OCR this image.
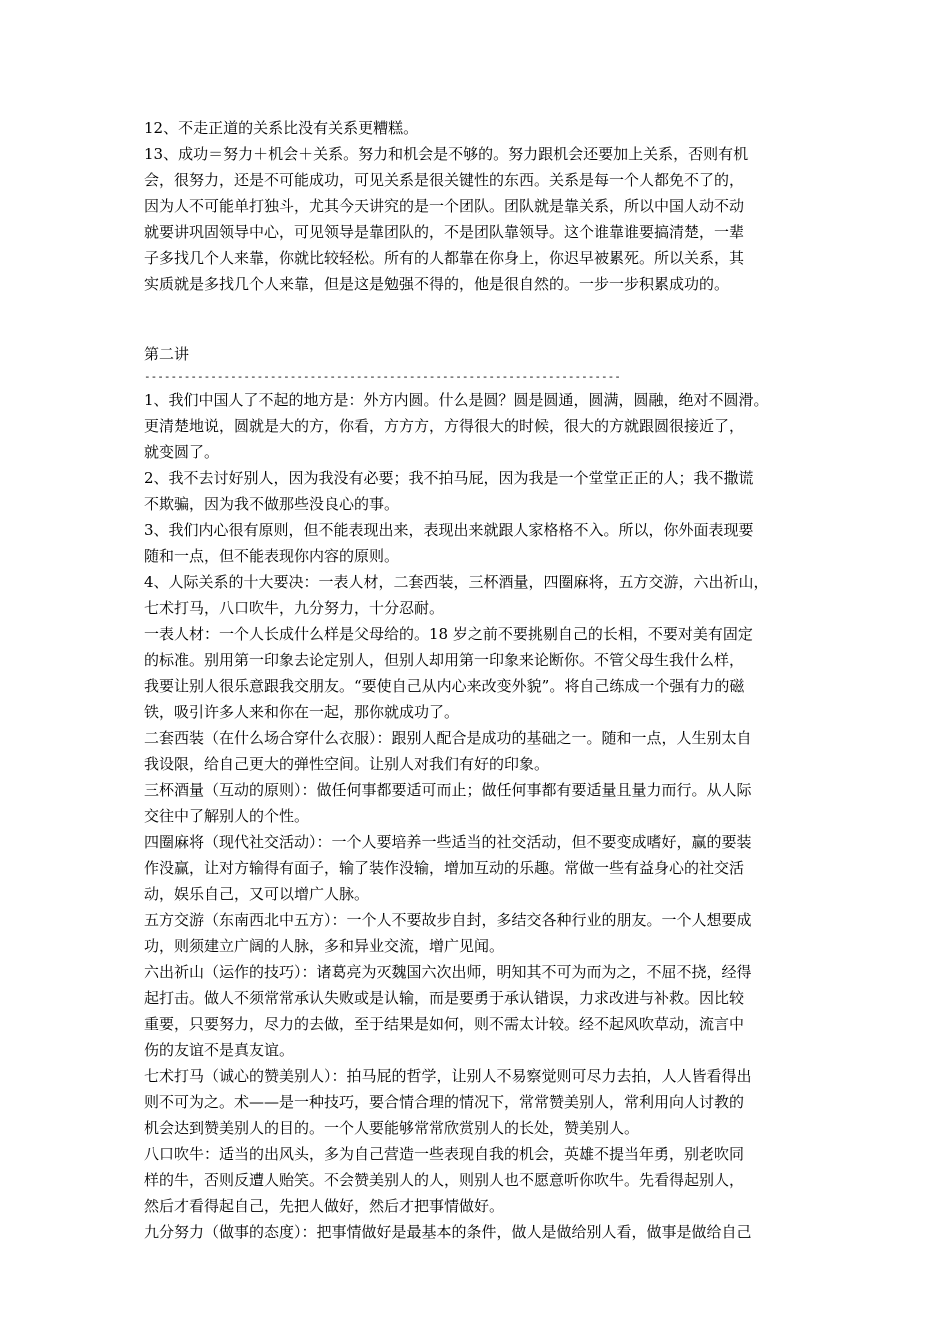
12、不走正道的关系比没有关系更糟糕。
13、成功＝努力＋机会＋关系。努力和机会是不够的。努力跟机会还要加上关系，否则有机
会，很努力，还是不可能成功，可见关系是很关键性的东西。关系是每一个人都免不了的，
因为人不可能单打独斗，尤其今天讲究的是一个团队。团队就是靠关系，所以中国人动不动
就要讲巩固领导中心，可见领导是靠团队的，不是团队靠领导。这个谁靠谁要搞清楚，一辈
子多找几个人来靠，你就比较轻松。所有的人都靠在你身上，你迟早被累死。所以关系，其
实质就是多找几个人来靠，但是这是勉强不得的，他是很自然的。一步一步积累成功的。
第二讲
------------------------------------------------------------------------
1、我们中国人了不起的地方是：外方内圆。什么是圆？圆是圆通，圆满，圆融，绝对不圆滑。
更清楚地说，圆就是大的方，你看，方方方，方得很大的时候，很大的方就跟圆很接近了，
就变圆了。
2、我不去讨好别人，因为我没有必要；我不拍马屁，因为我是一个堂堂正正的人；我不撒谎
不欺骗，因为我不做那些没良心的事。
3、我们内心很有原则，但不能表现出来，表现出来就跟人家格格不入。所以，你外面表现要
随和一点，但不能表现你内容的原则。
4、人际关系的十大要决：一表人材，二套西装，三杯酒量，四圈麻将，五方交游，六出祈山，
七术打马，八口吹牛，九分努力，十分忍耐。
一表人材：一个人长成什么样是父母给的。18 岁之前不要挑剔自己的长相，不要对美有固定
的标准。别用第一印象去论定别人，但别人却用第一印象来论断你。不管父母生我什么样，
我要让别人很乐意跟我交朋友。“要使自己从内心来改变外貌”。将自己练成一个强有力的磁
铁，吸引许多人来和你在一起，那你就成功了。
二套西装（在什么场合穿什么衣服）：跟别人配合是成功的基础之一。随和一点，人生别太自
我设限，给自己更大的弹性空间。让别人对我们有好的印象。
三杯酒量（互动的原则）：做任何事都要适可而止；做任何事都有要适量且量力而行。从人际
交往中了解别人的个性。
四圈麻将（现代社交活动）：一个人要培养一些适当的社交活动，但不要变成嗜好，赢的要装
作没赢，让对方输得有面子，输了装作没输，增加互动的乐趣。常做一些有益身心的社交活
动，娱乐自己，又可以增广人脉。
五方交游（东南西北中五方）：一个人不要故步自封，多结交各种行业的朋友。一个人想要成
功，则须建立广阔的人脉，多和异业交流，增广见闻。
六出祈山（运作的技巧）：诸葛亮为灭魏国六次出师，明知其不可为而为之，不屈不挠，经得
起打击。做人不须常常承认失败或是认输，而是要勇于承认错误，力求改进与补救。因比较
重要，只要努力，尽力的去做，至于结果是如何，则不需太计较。经不起风吹草动，流言中
伤的友谊不是真友谊。
七术打马（诚心的赞美别人）：拍马屁的哲学，让别人不易察觉则可尽力去拍，人人皆看得出
则不可为之。术——是一种技巧，要合情合理的情况下，常常赞美别人，常利用向人讨教的
机会达到赞美别人的目的。一个人要能够常常欣赏别人的长处，赞美别人。
八口吹牛：适当的出风头，多为自己营造一些表现自我的机会，英雄不提当年勇，别老吹同
样的牛，否则反遭人贻笑。不会赞美别人的人，则别人也不愿意听你吹牛。先看得起别人，
然后才看得起自己，先把人做好，然后才把事情做好。
九分努力（做事的态度）：把事情做好是最基本的条件，做人是做给别人看，做事是做给自己
